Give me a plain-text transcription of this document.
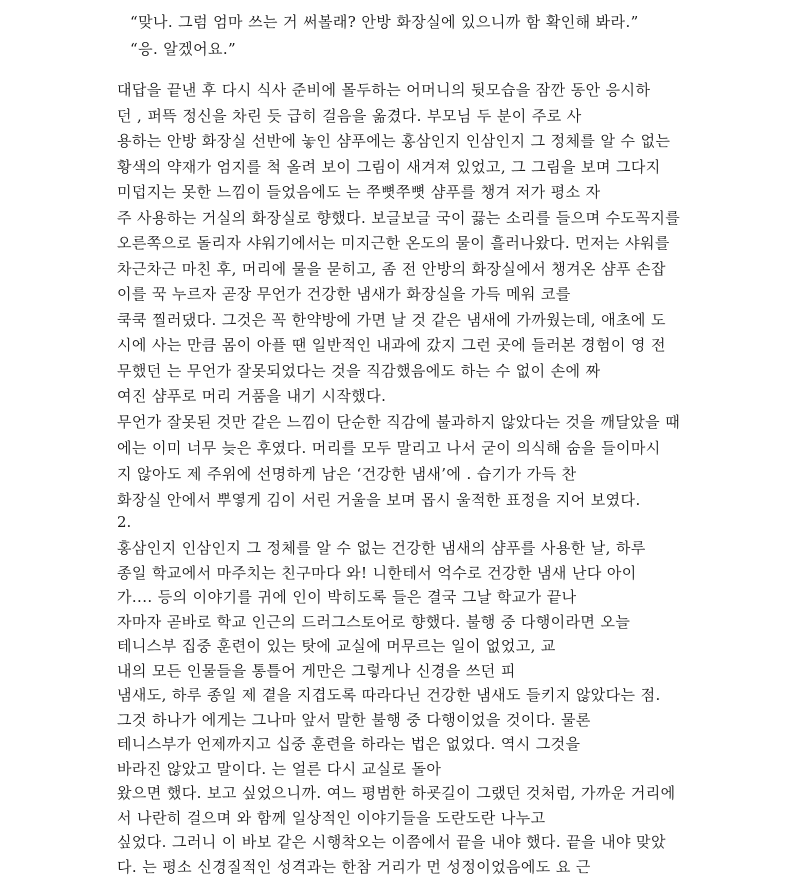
“맞나. 그럼 엄마 쓰는 거 써볼래? 안방 화장실에 있으니까 함 확인해 봐라.”
“응. 알겠어요.”
대답을 끝낸 후 다시 식사 준비에 몰두하는 어머니의 뒷모습을 잠깐 동안 응시하
던 , 퍼뜩 정신을 차린 듯 급히 걸음을 옮겼다. 부모님 두 분이 주로 사
용하는 안방 화장실 선반에 놓인 샴푸에는 홍삼인지 인삼인지 그 정체를 알 수 없는
황색의 약재가 엄지를 척 올려 보이 그림이 새겨져 있었고, 그 그림을 보며 그다지
미덥지는 못한 느낌이 들었음에도 는 쭈뼛쭈뼛 샴푸를 챙겨 저가 평소 자
주 사용하는 거실의 화장실로 향했다. 보글보글 국이 끓는 소리를 들으며 수도꼭지를
오른쪽으로 돌리자 샤워기에서는 미지근한 온도의 물이 흘러나왔다. 먼저는 샤워를
차근차근 마친 후, 머리에 물을 묻히고, 좀 전 안방의 화장실에서 챙겨온 샴푸 손잡
이를 꾹 누르자 곧장 무언가 건강한 냄새가 화장실을 가득 메워 코를
쿡쿡 찔러댔다. 그것은 꼭 한약방에 가면 날 것 같은 냄새에 가까웠는데, 애초에 도
시에 사는 만큼 몸이 아플 땐 일반적인 내과에 갔지 그런 곳에 들러본 경험이 영 전
무했던 는 무언가 잘못되었다는 것을 직감했음에도 하는 수 없이 손에 짜
여진 샴푸로 머리 거품을 내기 시작했다.
무언가 잘못된 것만 같은 느낌이 단순한 직감에 불과하지 않았다는 것을 깨달았을 때
에는 이미 너무 늦은 후였다. 머리를 모두 말리고 나서 굳이 의식해 숨을 들이마시
지 않아도 제 주위에 선명하게 남은 ‘건강한 냄새’에 . 습기가 가득 찬
2.
홍삼인지 인삼인지 그 정체를 알 수 없는 건강한 냄새의 샴푸를 사용한 날, 하루
종일 학교에서 마주치는 친구마다 와! 니한테서 억수로 건강한 냄새 난다 아이
가.... 등의 이야기를 귀에 인이 박히도록 들은 결국 그날 학교가 끝나
자마자 곧바로 학교 인근의 드러그스토어로 향했다. 불행 중 다행이라면 오늘
테니스부 집중 훈련이 있는 탓에 교실에 머무르는 일이 없었고, 교
내의 모든 인물들을 통틀어 게만은 그렇게나 신경을 쓰던 피
냄새도, 하루 종일 제 곁을 지겹도록 따라다닌 건강한 냄새도 들키지 않았다는 점.
그것 하나가 에게는 그나마 앞서 말한 불행 중 다행이었을 것이다. 물론
테니스부가 언제까지고 십중 훈련을 하라는 법은 없었다. 역시 그것을
바라진 않았고 말이다. 는 얼른 다시 교실로 돌아
왔으면 했다. 보고 싶었으니까. 여느 평범한 하굣길이 그랬던 것처럼, 가까운 거리에
서 나란히 걸으며 와 함께 일상적인 이야기들을 도란도란 나누고
화장실 안에서 뿌옇게 김이 서린 거울을 보며 몹시 울적한 표정을 지어 보였다.
싶었다. 그러니 이 바보 같은 시행착오는 이쯤에서 끝을 내야 했다. 끝을 내야 맞았
다. 는 평소 신경질적인 성격과는 한참 거리가 먼 성정이었음에도 요 근
